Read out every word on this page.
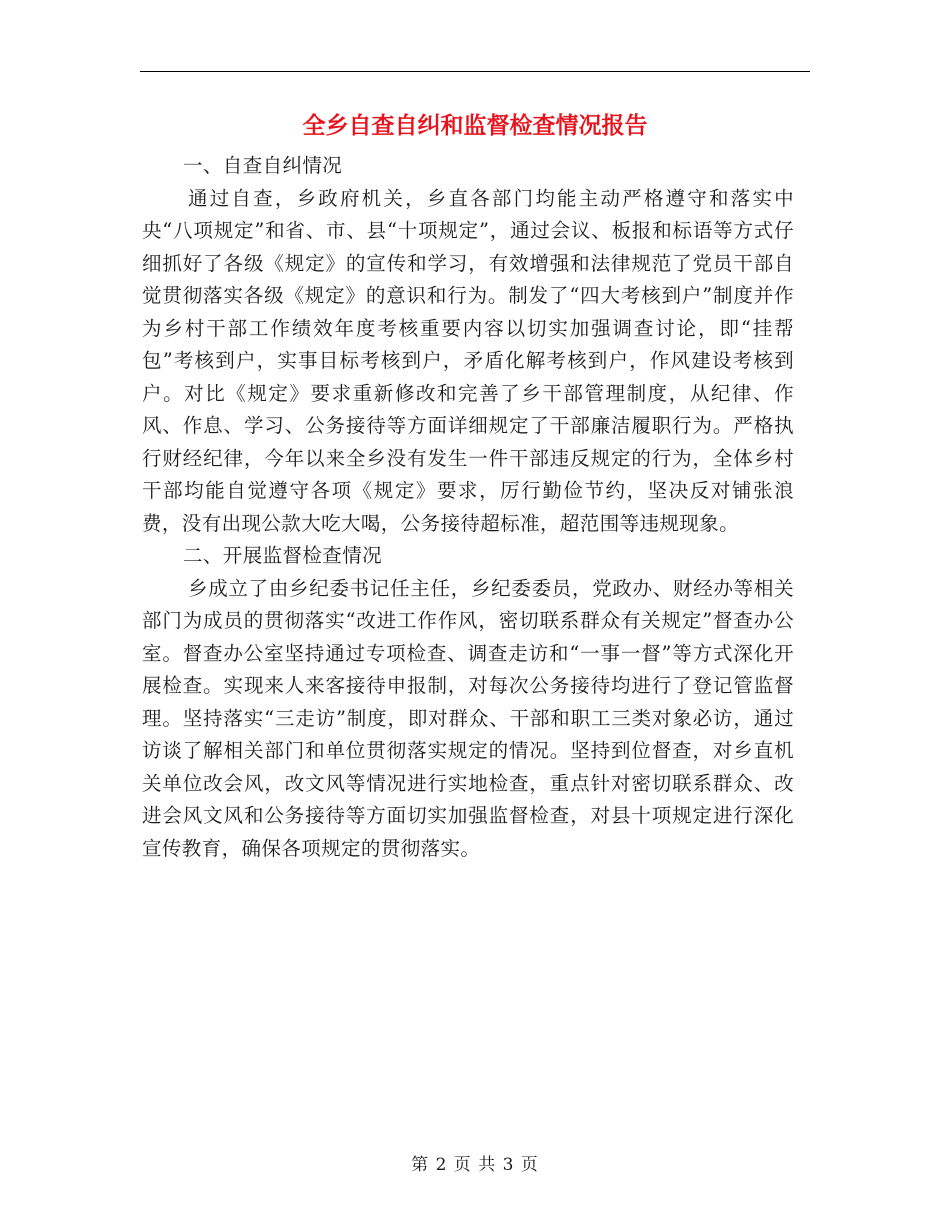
全乡自查自纠和监督检查情况报告

一、自查自纠情况

通过自查，乡政府机关，乡直各部门均能主动严格遵守和落实中央“八项规定”和省、市、县“十项规定”，通过会议、板报和标语等方式仔细抓好了各级《规定》的宣传和学习，有效增强和法律规范了党员干部自觉贯彻落实各级《规定》的意识和行为。制发了“四大考核到户”制度并作为乡村干部工作绩效年度考核重要内容以切实加强调查讨论，即“挂帮包”考核到户，实事目标考核到户，矛盾化解考核到户，作风建设考核到户。对比《规定》要求重新修改和完善了乡干部管理制度，从纪律、作风、作息、学习、公务接待等方面详细规定了干部廉洁履职行为。严格执行财经纪律，今年以来全乡没有发生一件干部违反规定的行为，全体乡村干部均能自觉遵守各项《规定》要求，厉行勤俭节约，坚决反对铺张浪费，没有出现公款大吃大喝，公务接待超标准，超范围等违规现象。

二、开展监督检查情况

乡成立了由乡纪委书记任主任，乡纪委委员，党政办、财经办等相关部门为成员的贯彻落实“改进工作作风，密切联系群众有关规定”督查办公室。督查办公室坚持通过专项检查、调查走访和“一事一督”等方式深化开展检查。实现来人来客接待申报制，对每次公务接待均进行了登记管监督理。坚持落实“三走访”制度，即对群众、干部和职工三类对象必访，通过访谈了解相关部门和单位贯彻落实规定的情况。坚持到位督查，对乡直机关单位改会风，改文风等情况进行实地检查，重点针对密切联系群众、改进会风文风和公务接待等方面切实加强监督检查，对县十项规定进行深化宣传教育，确保各项规定的贯彻落实。

第 2 页 共 3 页
